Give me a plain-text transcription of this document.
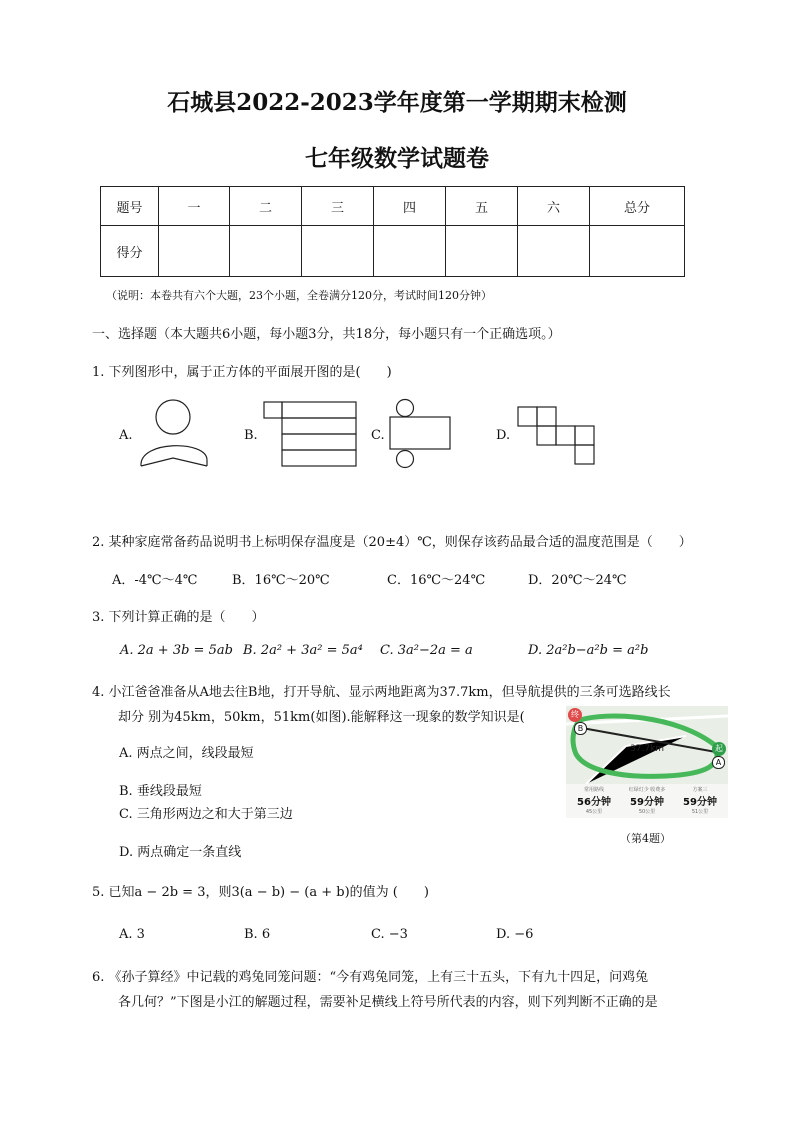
石城县2022-2023学年度第一学期期末检测
七年级数学试题卷
题号	一	二	三	四	五	六	总分
得分							
（说明：本卷共有六个大题，23个小题，全卷满分120分，考试时间120分钟）
一、选择题（本大题共6小题，每小题3分，共18分，每小题只有一个正确选项。）
1. 下列图形中，属于正方体的平面展开图的是(　　)
A.	B.	C.	D.
2. 某种家庭常备药品说明书上标明保存温度是（20±4）℃，则保存该药品最合适的温度范围是（　　）
A．-4℃～4℃	B．16℃～20℃	C．16℃～24℃	D．20℃～24℃
3. 下列计算正确的是（　　）
A. 2a + 3b = 5ab B. 2a² + 3a² = 5a⁴ C. 3a²−2a = a	D. 2a²b−a²b = a²b
4. 小江爸爸准备从A地去往B地，打开导航、显示两地距离为37.7km，但导航提供的三条可选路线长
却分 别为45km，50km，51km(如图).能解释这一现象的数学知识是(
A. 两点之间，线段最短
B. 垂线段最短
C. 三角形两边之和大于第三边
D. 两点确定一条直线
37.7km
终
起
B
A
常用路线
56分钟
45公里
红绿灯少 收费多
59分钟
50公里
方案三
59分钟
51公里
（第4题）
5. 已知a − 2b = 3，则3(a − b) − (a + b)的值为 (　　)
A. 3	B. 6	C. −3	D. −6
6. 《孙子算经》中记载的鸡兔同笼问题：“今有鸡兔同笼，上有三十五头，下有九十四足，问鸡兔
各几何？”下图是小江的解题过程，需要补足横线上符号所代表的内容，则下列判断不正确的是
